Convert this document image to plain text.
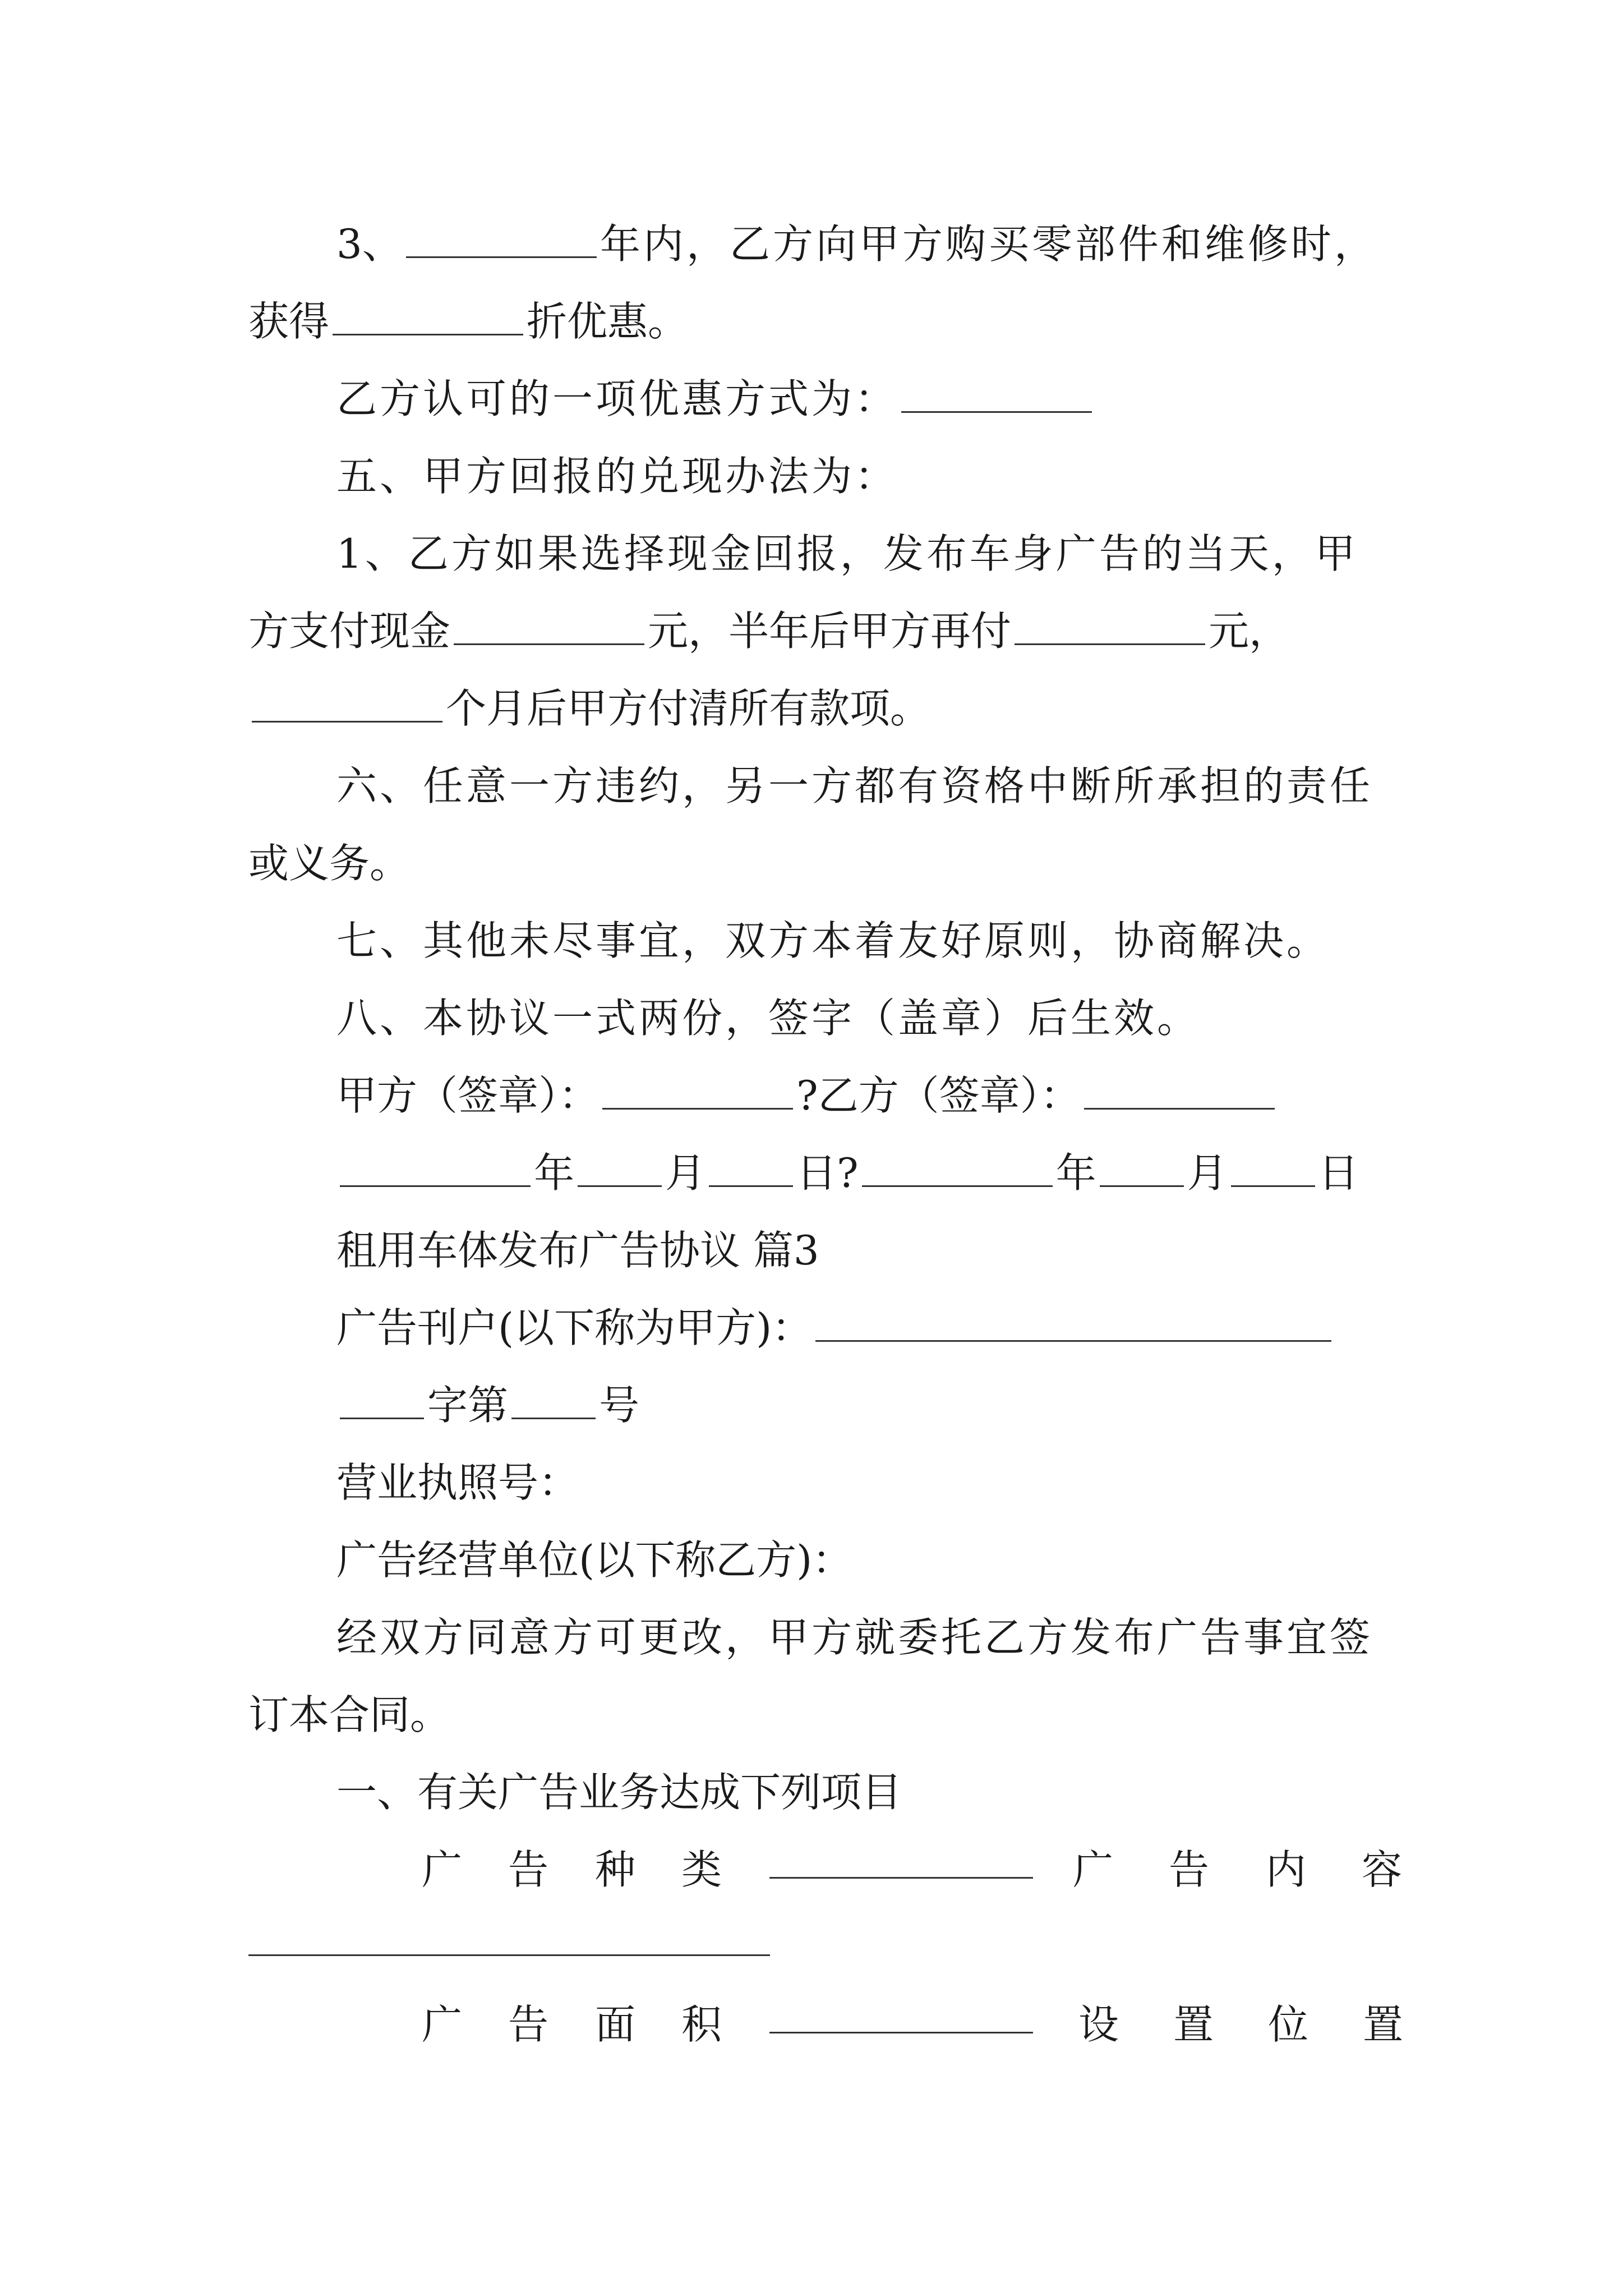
3、	年内，乙方向甲方购买零部件和维修时，
获得	折优惠。
乙方认可的一项优惠方式为：
五、甲方回报的兑现办法为：
1、乙方如果选择现金回报，发布车身广告的当天，甲
方支付现金	元，半年后甲方再付	元，
个月后甲方付清所有款项。
六、任意一方违约，另一方都有资格中断所承担的责任
或义务。
七、其他未尽事宜，双方本着友好原则，协商解决。
八、本协议一式两份，签字（盖章）后生效。
甲方（签章）：	?乙方（签章）：
年 月 日?	年 月 日
租用车体发布广告协议 篇3
广告刊户(以下称为甲方)：
字第 号
营业执照号：
广告经营单位(以下称乙方)：
经双方同意方可更改，甲方就委托乙方发布广告事宜签
订本合同。
一、有关广告业务达成下列项目
广 告 种 类	广 告 内 容
广 告 面 积	设 置 位 置
